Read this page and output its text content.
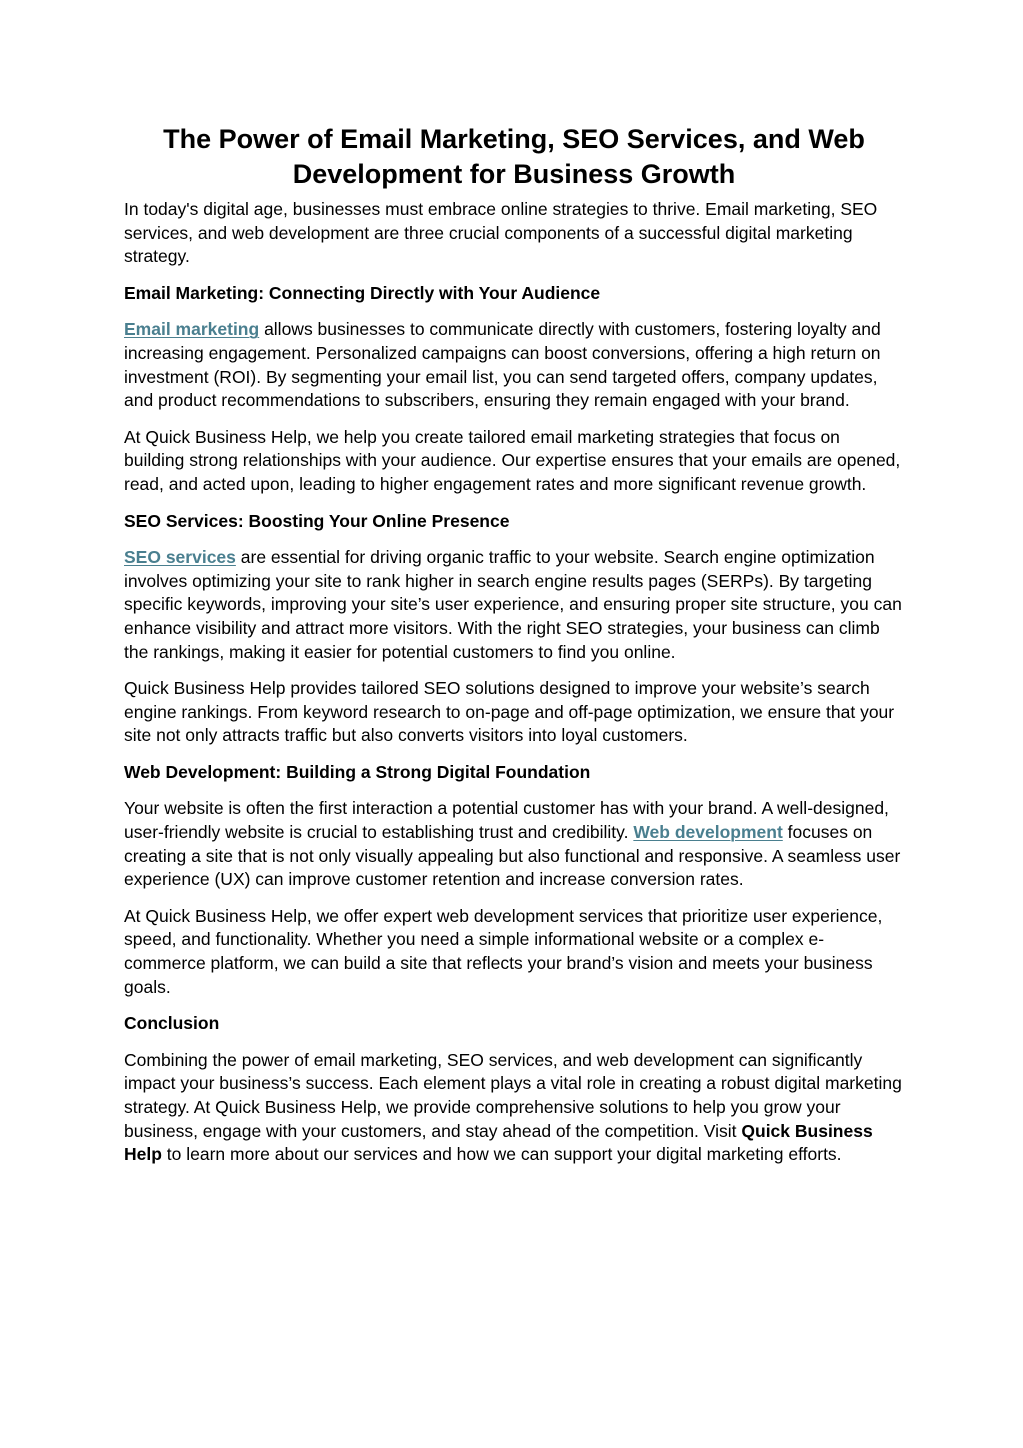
The Power of Email Marketing, SEO Services, and Web Development for Business Growth

In today's digital age, businesses must embrace online strategies to thrive. Email marketing, SEO services, and web development are three crucial components of a successful digital marketing strategy.

Email Marketing: Connecting Directly with Your Audience

Email marketing allows businesses to communicate directly with customers, fostering loyalty and increasing engagement. Personalized campaigns can boost conversions, offering a high return on investment (ROI). By segmenting your email list, you can send targeted offers, company updates, and product recommendations to subscribers, ensuring they remain engaged with your brand.

At Quick Business Help, we help you create tailored email marketing strategies that focus on building strong relationships with your audience. Our expertise ensures that your emails are opened, read, and acted upon, leading to higher engagement rates and more significant revenue growth.

SEO Services: Boosting Your Online Presence

SEO services are essential for driving organic traffic to your website. Search engine optimization involves optimizing your site to rank higher in search engine results pages (SERPs). By targeting specific keywords, improving your site’s user experience, and ensuring proper site structure, you can enhance visibility and attract more visitors. With the right SEO strategies, your business can climb the rankings, making it easier for potential customers to find you online.

Quick Business Help provides tailored SEO solutions designed to improve your website’s search engine rankings. From keyword research to on-page and off-page optimization, we ensure that your site not only attracts traffic but also converts visitors into loyal customers.

Web Development: Building a Strong Digital Foundation

Your website is often the first interaction a potential customer has with your brand. A well-designed, user-friendly website is crucial to establishing trust and credibility. Web development focuses on creating a site that is not only visually appealing but also functional and responsive. A seamless user experience (UX) can improve customer retention and increase conversion rates.

At Quick Business Help, we offer expert web development services that prioritize user experience, speed, and functionality. Whether you need a simple informational website or a complex e-commerce platform, we can build a site that reflects your brand’s vision and meets your business goals.

Conclusion

Combining the power of email marketing, SEO services, and web development can significantly impact your business’s success. Each element plays a vital role in creating a robust digital marketing strategy. At Quick Business Help, we provide comprehensive solutions to help you grow your business, engage with your customers, and stay ahead of the competition. Visit Quick Business Help to learn more about our services and how we can support your digital marketing efforts.
